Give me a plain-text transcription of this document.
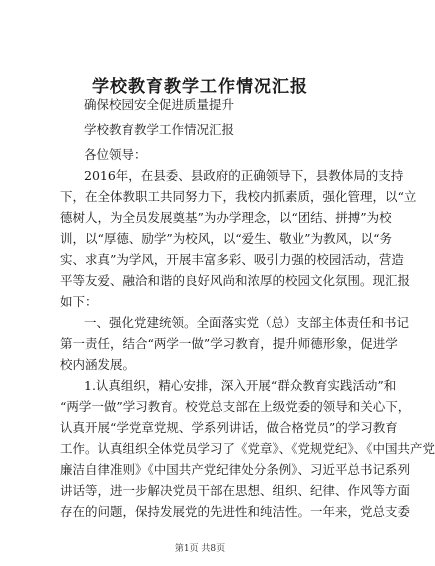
学校教育教学工作情况汇报
确保校园安全促进质量提升
学校教育教学工作情况汇报
各位领导：
2016年，在县委、县政府的正确领导下，县教体局的支持
下，在全体教职工共同努力下，我校内抓素质，强化管理，以“立
德树人，为全员发展奠基”为办学理念，以“团结、拼搏”为校
训，以“厚德、励学”为校风，以“爱生、敬业”为教风，以“务
实、求真”为学风，开展丰富多彩、吸引力强的校园活动，营造
平等友爱、融洽和谐的良好风尚和浓厚的校园文化氛围。现汇报
如下：
一、强化党建统领。全面落实党（总）支部主体责任和书记
第一责任，结合“两学一做”学习教育，提升师德形象，促进学
校内涵发展。
1.认真组织，精心安排，深入开展“群众教育实践活动”和
“两学一做”学习教育。校党总支部在上级党委的领导和关心下，
认真开展“学党章党规、学系列讲话，做合格党员”的学习教育
工作。认真组织全体党员学习了《党章》、《党规党纪》、《中国共产党
廉洁自律准则》《中国共产党纪律处分条例》、习近平总书记系列
讲话等，进一步解决党员干部在思想、组织、纪律、作风等方面
存在的问题，保持发展党的先进性和纯洁性。一年来，党总支委
第1页 共8页
